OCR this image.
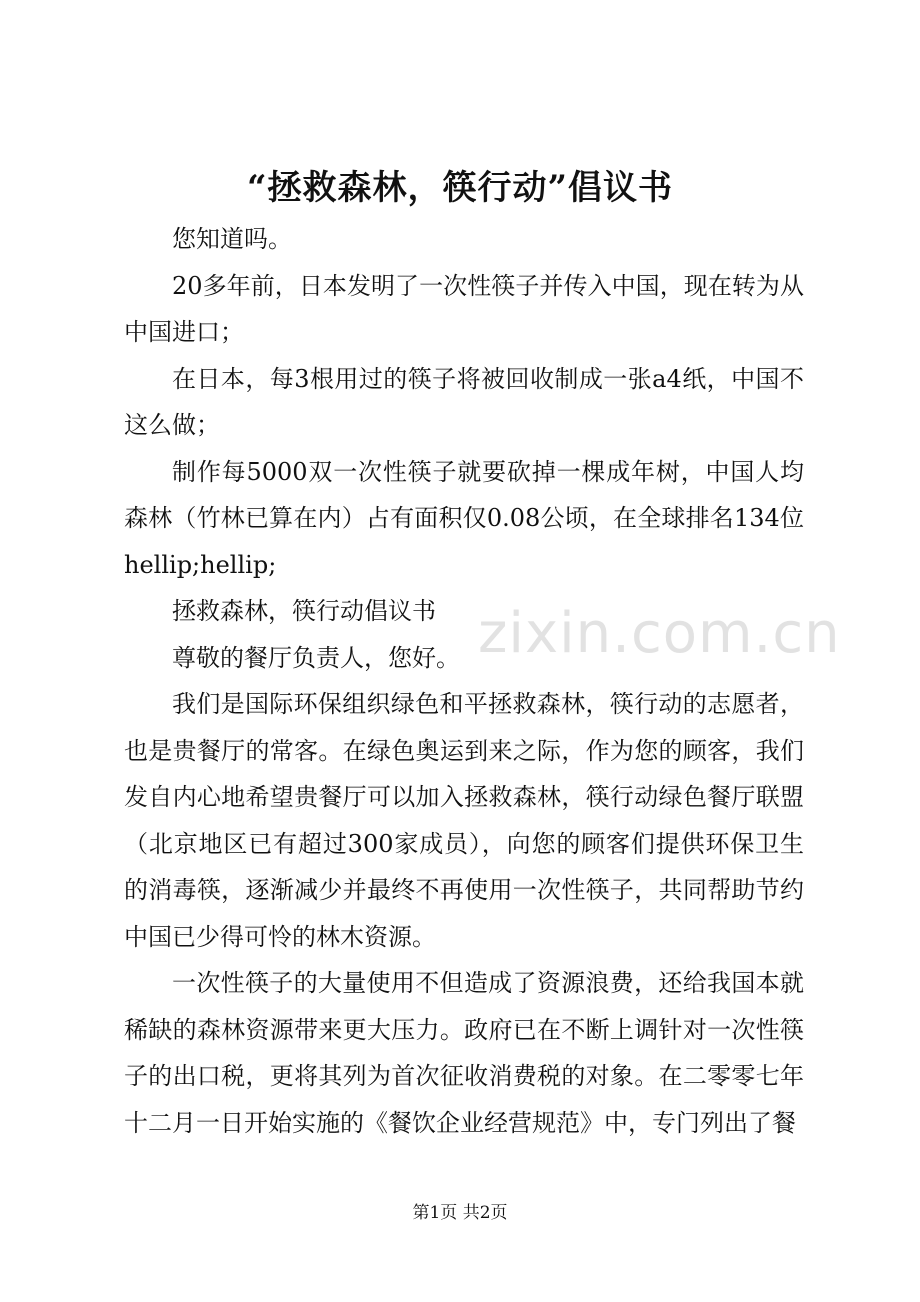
“拯救森林，筷行动”倡议书

您知道吗。

20多年前，日本发明了一次性筷子并传入中国，现在转为从中国进口；

在日本，每3根用过的筷子将被回收制成一张a4纸，中国不这么做；

制作每5000双一次性筷子就要砍掉一棵成年树，中国人均森林（竹林已算在内）占有面积仅0.08公顷，在全球排名134位hellip;hellip;

拯救森林，筷行动倡议书

尊敬的餐厅负责人，您好。

我们是国际环保组织绿色和平拯救森林，筷行动的志愿者，也是贵餐厅的常客。在绿色奥运到来之际，作为您的顾客，我们发自内心地希望贵餐厅可以加入拯救森林，筷行动绿色餐厅联盟（北京地区已有超过300家成员），向您的顾客们提供环保卫生的消毒筷，逐渐减少并最终不再使用一次性筷子，共同帮助节约中国已少得可怜的林木资源。

一次性筷子的大量使用不但造成了资源浪费，还给我国本就稀缺的森林资源带来更大压力。政府已在不断上调针对一次性筷子的出口税，更将其列为首次征收消费税的对象。在二零零七年十二月一日开始实施的《餐饮企业经营规范》中，专门列出了餐

zixin.com.cn
第1页 共2页
